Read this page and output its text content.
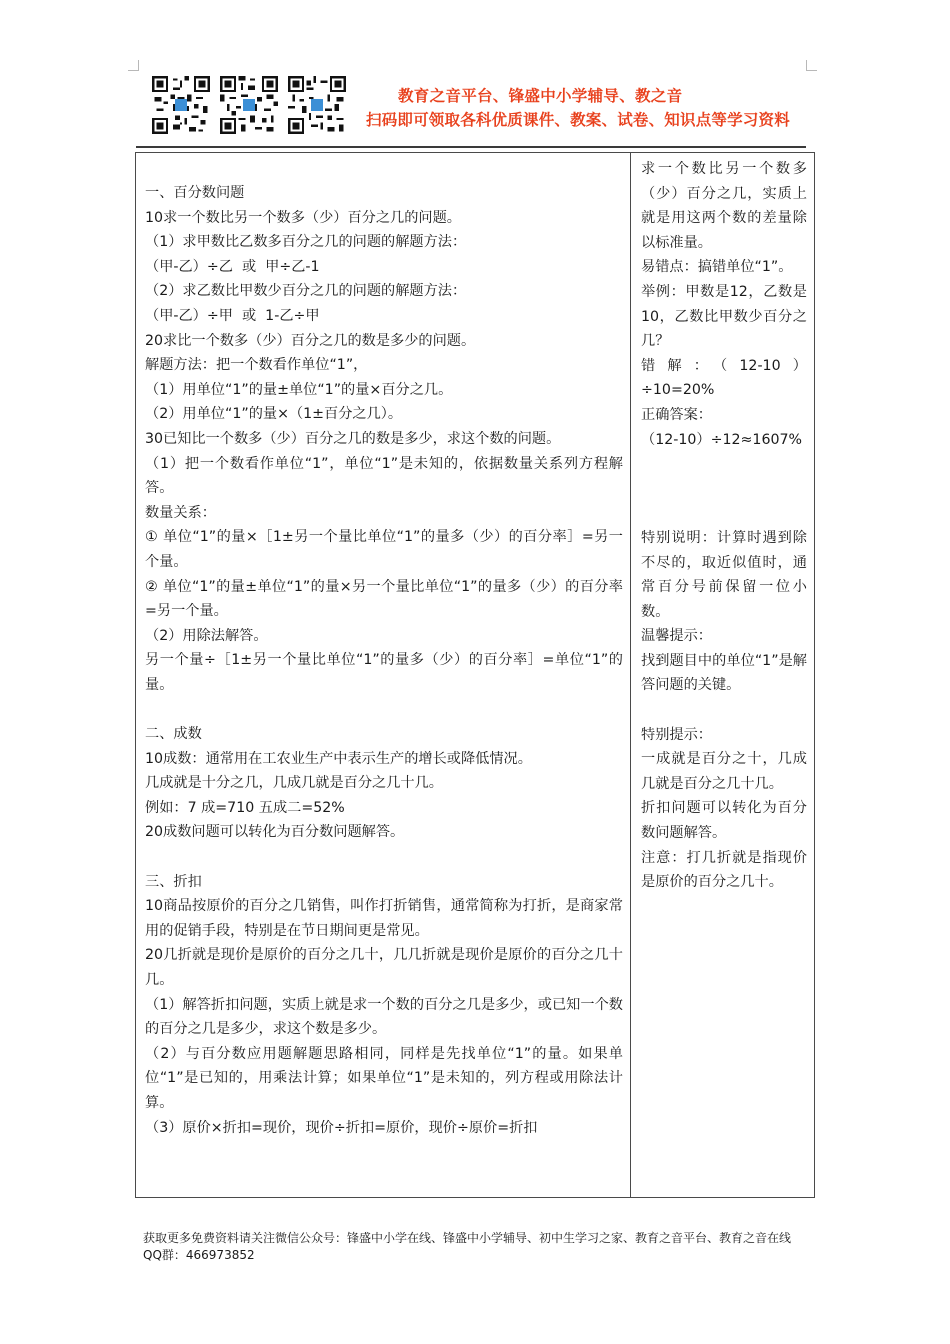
教育之音平台、锋盛中小学辅导、教之音
扫码即可领取各科优质课件、教案、试卷、知识点等学习资料

一、百分数问题

10求一个数比另一个数多（少）百分之几的问题。

（1）求甲数比乙数多百分之几的问题的解题方法：

（甲-乙）÷乙  或  甲÷乙-1

（2）求乙数比甲数少百分之几的问题的解题方法：

（甲-乙）÷甲  或  1-乙÷甲

20求比一个数多（少）百分之几的数是多少的问题。

解题方法：把一个数看作单位“1”，

（1）用单位“1”的量±单位“1”的量×百分之几。

（2）用单位“1”的量×（1±百分之几）。

30已知比一个数多（少）百分之几的数是多少，求这个数的问题。

（1）把一个数看作单位“1”，单位“1”是未知的，依据数量关系列方程解答。

数量关系：

① 单位“1”的量×［1±另一个量比单位“1”的量多（少）的百分率］=另一个量。

② 单位“1”的量±单位“1”的量×另一个量比单位“1”的量多（少）的百分率=另一个量。

（2）用除法解答。

另一个量÷［1±另一个量比单位“1”的量多（少）的百分率］=单位“1”的量。

二、成数

10成数：通常用在工农业生产中表示生产的增长或降低情况。

几成就是十分之几，几成几就是百分之几十几。

例如：7 成=710 五成二=52%

20成数问题可以转化为百分数问题解答。

三、折扣

10商品按原价的百分之几销售，叫作打折销售，通常简称为打折，是商家常用的促销手段，特别是在节日期间更是常见。

20几折就是现价是原价的百分之几十，几几折就是现价是原价的百分之几十几。

（1）解答折扣问题，实质上就是求一个数的百分之几是多少，或已知一个数的百分之几是多少，求这个数是多少。

（2）与百分数应用题解题思路相同，同样是先找单位“1”的量。如果单位“1”是已知的，用乘法计算；如果单位“1”是未知的，列方程或用除法计算。

（3）原价×折扣=现价，现价÷折扣=原价，现价÷原价=折扣

求一个数比另一个数多（少）百分之几，实质上就是用这两个数的差量除以标准量。

易错点：搞错单位“1”。

举例：甲数是12，乙数是10，乙数比甲数少百分之几？

错解：（12-10）÷10=20%

正确答案：

（12-10）÷12≈1607%

特别说明：计算时遇到除不尽的，取近似值时，通常百分号前保留一位小数。

温馨提示：

找到题目中的单位“1”是解答问题的关键。

特别提示：

一成就是百分之十，几成几就是百分之几十几。

折扣问题可以转化为百分数问题解答。

注意：打几折就是指现价是原价的百分之几十。

获取更多免费资料请关注微信公众号：锋盛中小学在线、锋盛中小学辅导、初中生学习之家、教育之音平台、教育之音在线 QQ群：466973852
